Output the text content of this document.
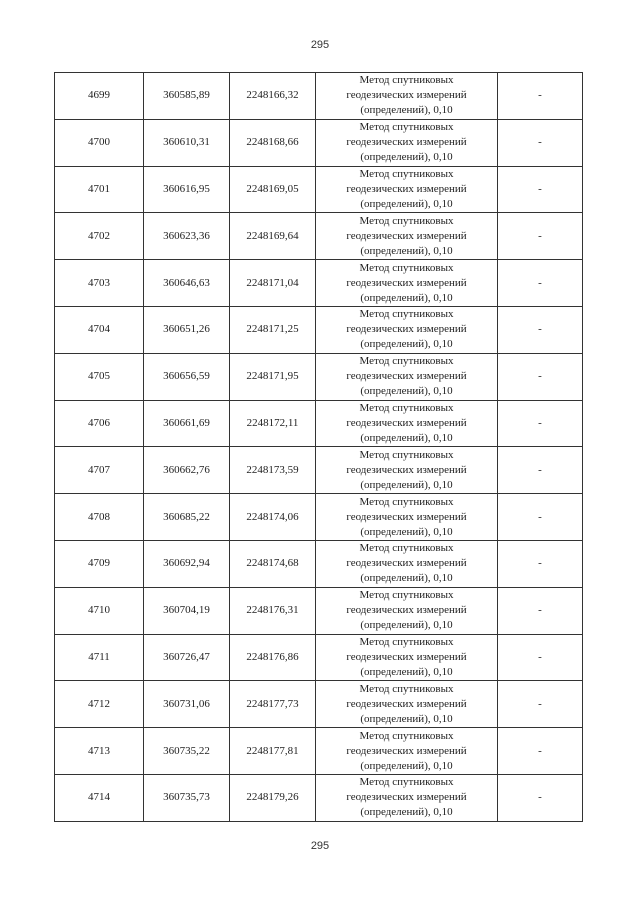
295
4699	360585,89	2248166,32	Метод спутниковых
геодезических измерений
(определений), 0,10	-
4700	360610,31	2248168,66	Метод спутниковых
геодезических измерений
(определений), 0,10	-
4701	360616,95	2248169,05	Метод спутниковых
геодезических измерений
(определений), 0,10	-
4702	360623,36	2248169,64	Метод спутниковых
геодезических измерений
(определений), 0,10	-
4703	360646,63	2248171,04	Метод спутниковых
геодезических измерений
(определений), 0,10	-
4704	360651,26	2248171,25	Метод спутниковых
геодезических измерений
(определений), 0,10	-
4705	360656,59	2248171,95	Метод спутниковых
геодезических измерений
(определений), 0,10	-
4706	360661,69	2248172,11	Метод спутниковых
геодезических измерений
(определений), 0,10	-
4707	360662,76	2248173,59	Метод спутниковых
геодезических измерений
(определений), 0,10	-
4708	360685,22	2248174,06	Метод спутниковых
геодезических измерений
(определений), 0,10	-
4709	360692,94	2248174,68	Метод спутниковых
геодезических измерений
(определений), 0,10	-
4710	360704,19	2248176,31	Метод спутниковых
геодезических измерений
(определений), 0,10	-
4711	360726,47	2248176,86	Метод спутниковых
геодезических измерений
(определений), 0,10	-
4712	360731,06	2248177,73	Метод спутниковых
геодезических измерений
(определений), 0,10	-
4713	360735,22	2248177,81	Метод спутниковых
геодезических измерений
(определений), 0,10	-
4714	360735,73	2248179,26	Метод спутниковых
геодезических измерений
(определений), 0,10	-
295
